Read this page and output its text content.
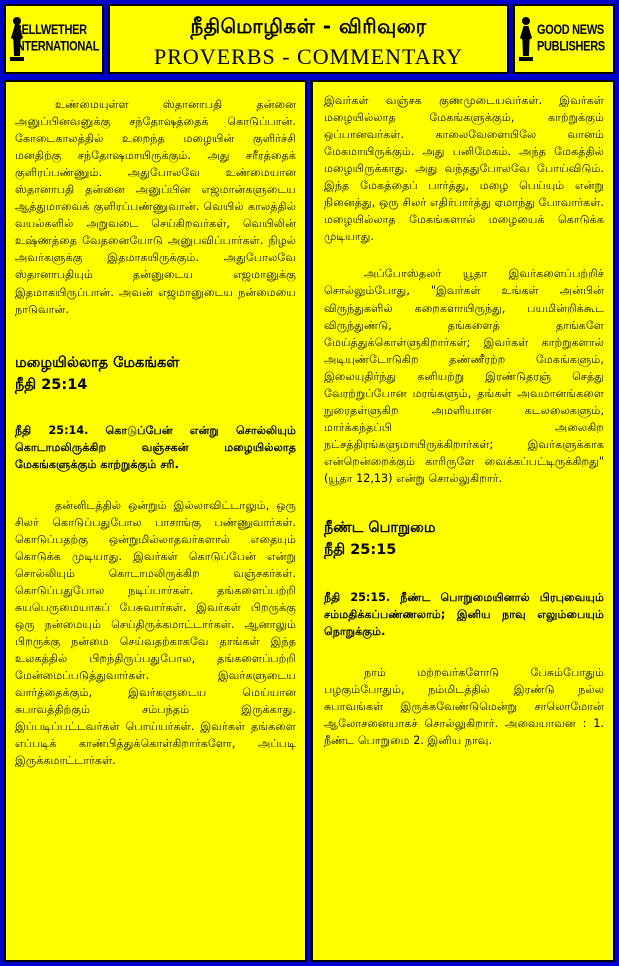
BELLWETHER
INTERNATIONAL
நீதிமொழிகள் - விரிவுரை
PROVERBS - COMMENTARY
GOOD NEWS
PUBLISHERS

உண்மையுள்ள ஸ்தானாபதி தன்னை அனுப்பினவனுக்கு சந்தோஷத்தைக் கொடுப்பான். கோடைகாலத்தில் உறைந்த மழையின் குளிர்ச்சி மனதிற்கு சந்தோஷமாயிருக்கும். அது சரீரத்தைக் குளிரப்பண்ணும். அதுபோலவே உண்மையான ஸ்தானாபதி தன்னை அனுப்பின எஜமான்களுடைய ஆத்துமாவைக் குளிரப்பண்ணுவான். வெயில் காலத்தில் வயல்களில் அறுவடை செய்கிறவர்கள், வெயிலின் உஷ்ணத்தை வேதனையோடு அனுபவிப்பார்கள். நிழல் அவர்களுக்கு இதமாகயிருக்கும். அதுபோலவே ஸ்தானாபதியும் தன்னுடைய எஜமானுக்கு இதமாகயிருப்பான். அவன் எஜமானுடைய நன்மையை நாடுவான்.

மழையில்லாத மேகங்கள்
நீதி 25:14

நீதி 25:14. கொடுப்பேன் என்று சொல்லியும் கொடாமலிருக்கிற வஞ்சகன் மழையில்லாத மேகங்களுக்கும் காற்றுக்கும் சரி.

தன்னிடத்தில் ஒன்றும் இல்லாவிட்டாலும், ஒரு சிலர் கொடுப்பதுபோல பாசாங்கு பண்ணுவார்கள். கொடுப்பதற்கு ஒன்றுமில்லாதவர்களால் எதையும் கொடுக்க முடியாது. இவர்கள் கொடுப்பேன் என்று சொல்லியும் கொடாமலிருக்கிற வஞ்சகர்கள். கொடுப்பதுபோல நடிப்பார்கள். தங்களைப்பற்றி சுயபெருமையாகப் பேசுவார்கள். இவர்கள் பிறருக்கு ஒரு நன்மையும் செய்திருக்கமாட்டார்கள். ஆனாலும் பிறருக்கு நன்மை செய்வதற்காகவே தாங்கள் இந்த உலகத்தில் பிறந்திருப்பதுபோல, தங்களைப்பற்றி மேன்மைப்படுத்துவார்கள். இவர்களுடைய வார்த்தைக்கும், இவர்களுடைய மெய்யான சுபாவத்திற்கும் சம்பந்தம் இருக்காது. இப்படிப்பட்டவர்கள் பொய்யர்கள். இவர்கள் தங்களை எப்படிக் காண்பித்துக்கொள்கிறார்களோ, அப்படி இருக்கமாட்டார்கள்.

இவர்கள் வஞ்சக குணமுடையவர்கள். இவர்கள் மழையில்லாத மேகங்களுக்கும், காற்றுக்கும் ஒப்பானவர்கள். காலைவேளையிலே வானம் மேகமாயிருக்கும். அது பனிமேகம். அந்த மேகத்தில் மழையிருக்காது. அது வந்ததுபோலவே போய்விடும். இந்த மேகத்தைப் பார்த்து, மழை பெய்யும் என்று நினைத்து, ஒரு சிலர் எதிர்பார்த்து ஏமாந்து போவார்கள். மழையில்லாத மேகங்களால் மழையைக் கொடுக்க முடியாது.

அப்போஸ்தலர் யூதா இவர்களைப்பற்றிச் சொல்லும்போது, "இவர்கள் உங்கள் அன்பின் விருந்துகளில் கறைகளாயிருந்து, பயமின்றிக்கூட விருந்துண்டு, தங்களைத் தாங்களே மேய்த்துக்கொள்ளுகிறார்கள்; இவர்கள் காற்றுகளால் அடியுண்டோடுகிற தண்ணீரற்ற மேகங்களும், இலையுதிர்ந்து கனியற்று இரண்டுதரஞ் செத்து வேரற்றுப்போன மரங்களும், தங்கள் அவமானங்களை நுரைதள்ளுகிற அமளியான கடலலைகளும், மார்க்கந்தப்பி அலைகிற நட்சத்திரங்களுமாயிருக்கிறார்கள்; இவர்களுக்காக என்றென்றைக்கும் காரிருளே வைக்கப்பட்டிருக்கிறது" (யூதா 12,13) என்று சொல்லுகிறார்.

நீண்ட பொறுமை
நீதி 25:15

நீதி 25:15. நீண்ட பொறுமையினால் பிரபுவையும் சம்மதிக்கப்பண்ணலாம்; இனிய நாவு எலும்பையும் நொறுக்கும்.

நாம் மற்றவர்களோடு பேசும்போதும் பழகும்போதும், நம்மிடத்தில் இரண்டு நல்ல சுபாவங்கள் இருக்கவேண்டுமென்று சாலொமோன் ஆலோசனையாகச் சொல்லுகிறார். அவையாவன : 1. நீண்ட பொறுமை 2. இனிய நாவு.
